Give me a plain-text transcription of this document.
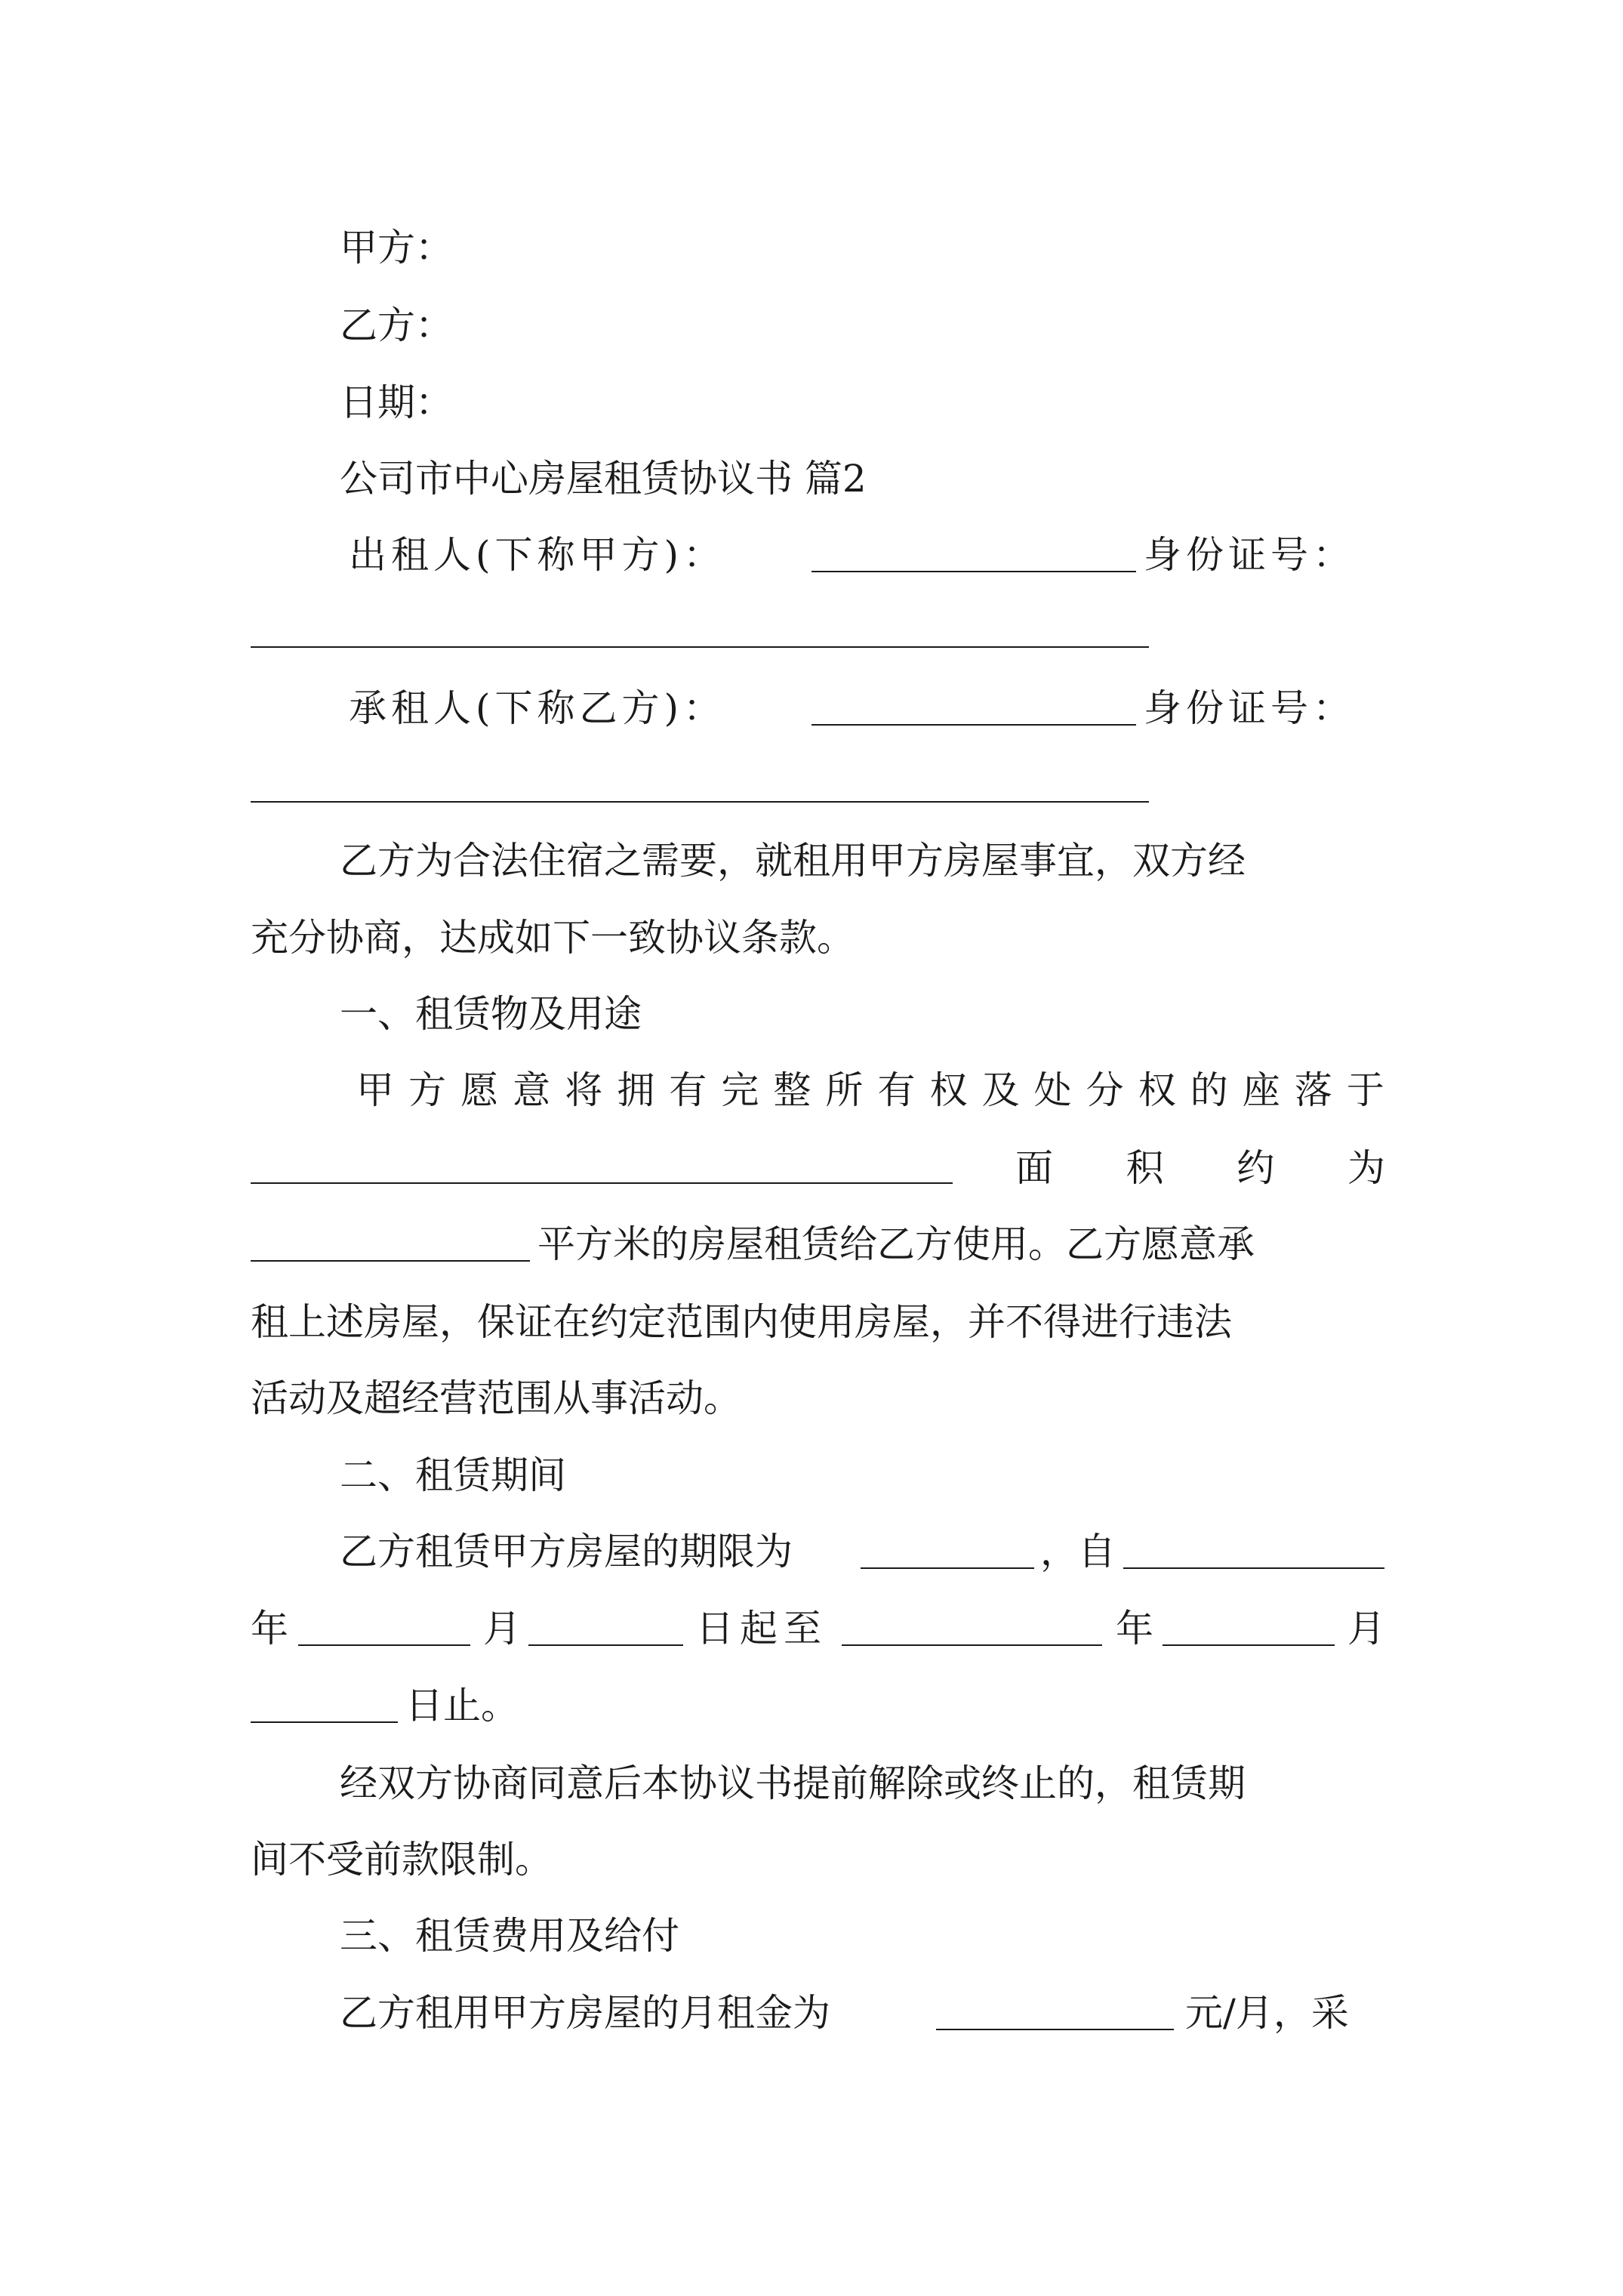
甲方：
乙方：
日期：
公司市中心房屋租赁协议书 篇2
出租人(下称甲方)：	身份证号：
承租人(下称乙方)：	身份证号：
乙方为合法住宿之需要，就租用甲方房屋事宜，双方经
充分协商，达成如下一致协议条款。
一、租赁物及用途
甲 方 愿 意 将 拥 有 完 整 所 有 权 及 处 分 权 的 座 落 于
面 积 约 为
平方米的房屋租赁给乙方使用。乙方愿意承
租上述房屋，保证在约定范围内使用房屋，并不得进行违法
活动及超经营范围从事活动。
二、租赁期间
乙方租赁甲方房屋的期限为	，自
年	月	日起至	年	月
日止。
经双方协商同意后本协议书提前解除或终止的，租赁期
间不受前款限制。
三、租赁费用及给付
乙方租用甲方房屋的月租金为	元/月，采
